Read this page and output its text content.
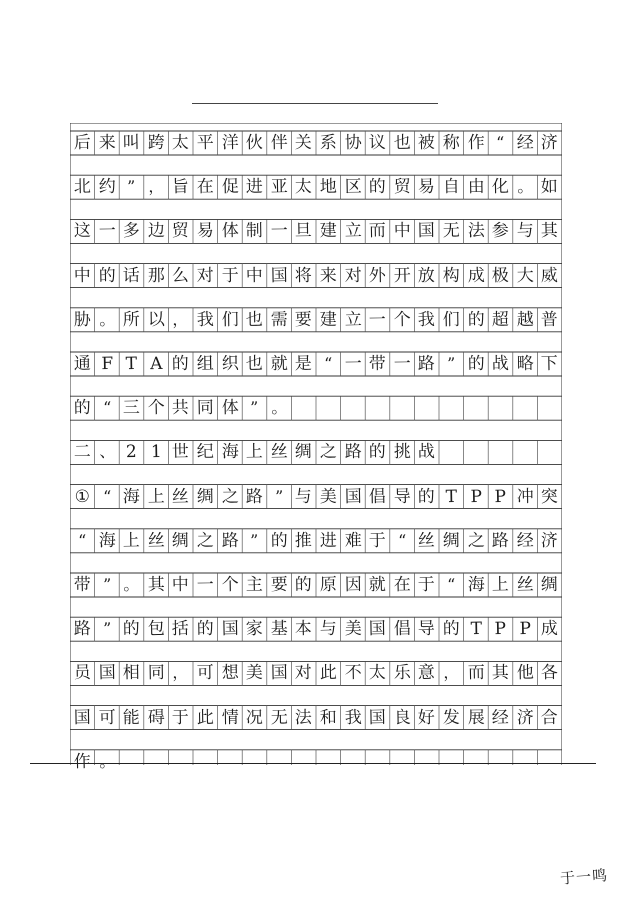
后 来 叫 跨 太 平 洋 伙 伴 关 系 协 议 也 被 称 作 “ 经 济
北 约 ” ， 旨 在 促 进 亚 太 地 区 的 贸 易 自 由 化 。 如
这 一 多 边 贸 易 体 制 一 旦 建 立 而 中 国 无 法 参 与 其
中 的 话 那 么 对 于 中 国 将 来 对 外 开 放 构 成 极 大 威
胁 。 所 以 ， 我 们 也 需 要 建 立 一 个 我 们 的 超 越 普
通 F T A 的 组 织 也 就 是 “ 一 带 一 路 ” 的 战 略 下
的 “ 三 个 共 同 体 ” 。
二 、 2 1 世 纪 海 上 丝 绸 之 路 的 挑 战
① “ 海 上 丝 绸 之 路 ” 与 美 国 倡 导 的 T P P 冲 突
“ 海 上 丝 绸 之 路 ” 的 推 进 难 于 “ 丝 绸 之 路 经 济
带 ” 。 其 中 一 个 主 要 的 原 因 就 在 于 “ 海 上 丝 绸
路 ” 的 包 括 的 国 家 基 本 与 美 国 倡 导 的 T P P 成
员 国 相 同 ， 可 想 美 国 对 此 不 太 乐 意 ， 而 其 他 各
国 可 能 碍 于 此 情 况 无 法 和 我 国 良 好 发 展 经 济 合
作 。
于一鸣
